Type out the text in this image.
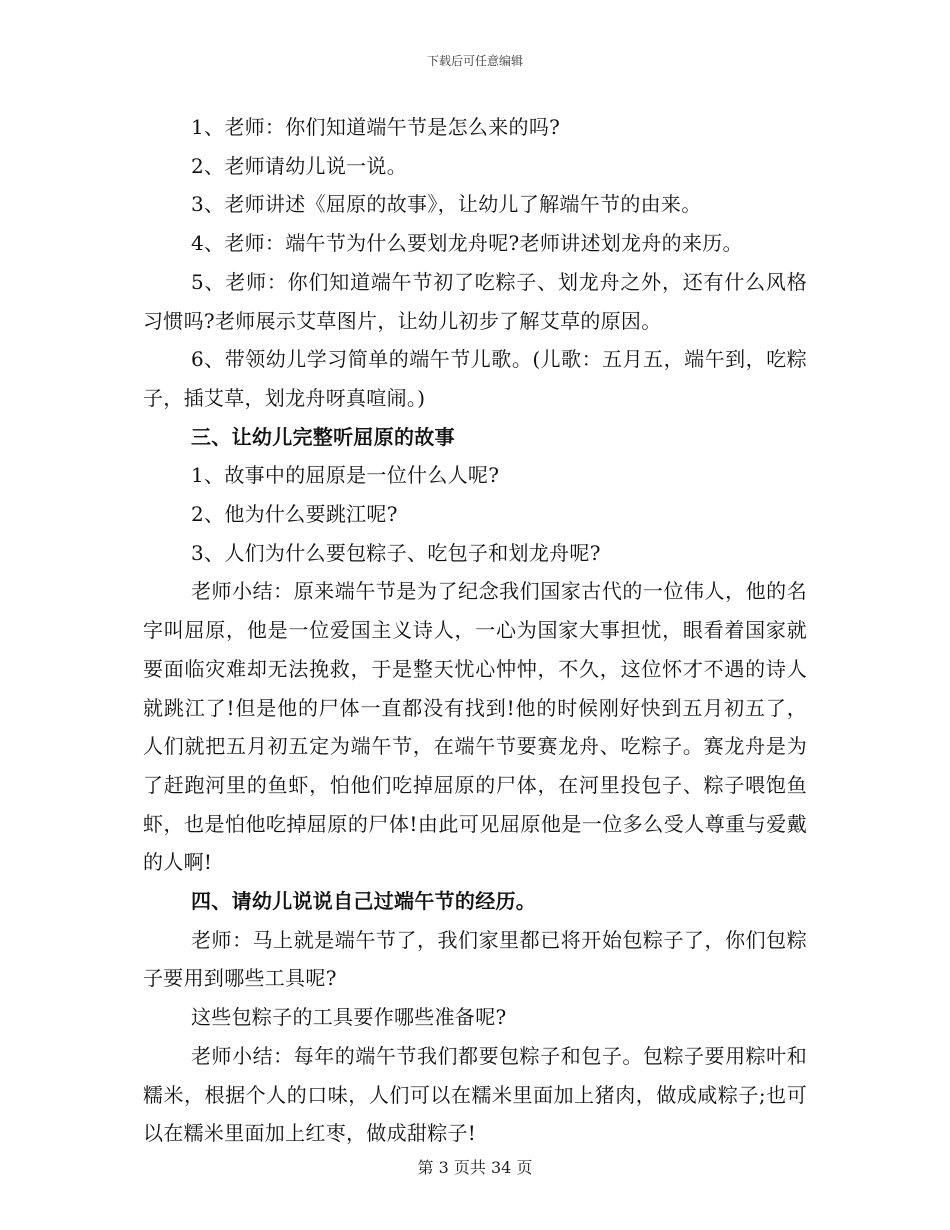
下载后可任意编辑

1、老师：你们知道端午节是怎么来的吗?

2、老师请幼儿说一说。

3、老师讲述《屈原的故事》，让幼儿了解端午节的由来。

4、老师：端午节为什么要划龙舟呢?老师讲述划龙舟的来历。

5、老师：你们知道端午节初了吃粽子、划龙舟之外，还有什么风格习惯吗?老师展示艾草图片，让幼儿初步了解艾草的原因。

6、带领幼儿学习简单的端午节儿歌。(儿歌：五月五，端午到，吃粽子，插艾草，划龙舟呀真喧闹。)

三、让幼儿完整听屈原的故事

1、故事中的屈原是一位什么人呢?

2、他为什么要跳江呢?

3、人们为什么要包粽子、吃包子和划龙舟呢?

老师小结：原来端午节是为了纪念我们国家古代的一位伟人，他的名字叫屈原，他是一位爱国主义诗人，一心为国家大事担忧，眼看着国家就要面临灾难却无法挽救，于是整天忧心忡忡，不久，这位怀才不遇的诗人就跳江了!但是他的尸体一直都没有找到!他的时候刚好快到五月初五了，人们就把五月初五定为端午节，在端午节要赛龙舟、吃粽子。赛龙舟是为了赶跑河里的鱼虾，怕他们吃掉屈原的尸体，在河里投包子、粽子喂饱鱼虾，也是怕他吃掉屈原的尸体!由此可见屈原他是一位多么受人尊重与爱戴的人啊!

四、请幼儿说说自己过端午节的经历。

老师：马上就是端午节了，我们家里都已将开始包粽子了，你们包粽子要用到哪些工具呢?

这些包粽子的工具要作哪些准备呢?

老师小结：每年的端午节我们都要包粽子和包子。包粽子要用粽叶和糯米，根据个人的口味，人们可以在糯米里面加上猪肉，做成咸粽子;也可以在糯米里面加上红枣，做成甜粽子!

第 3 页共 34 页
